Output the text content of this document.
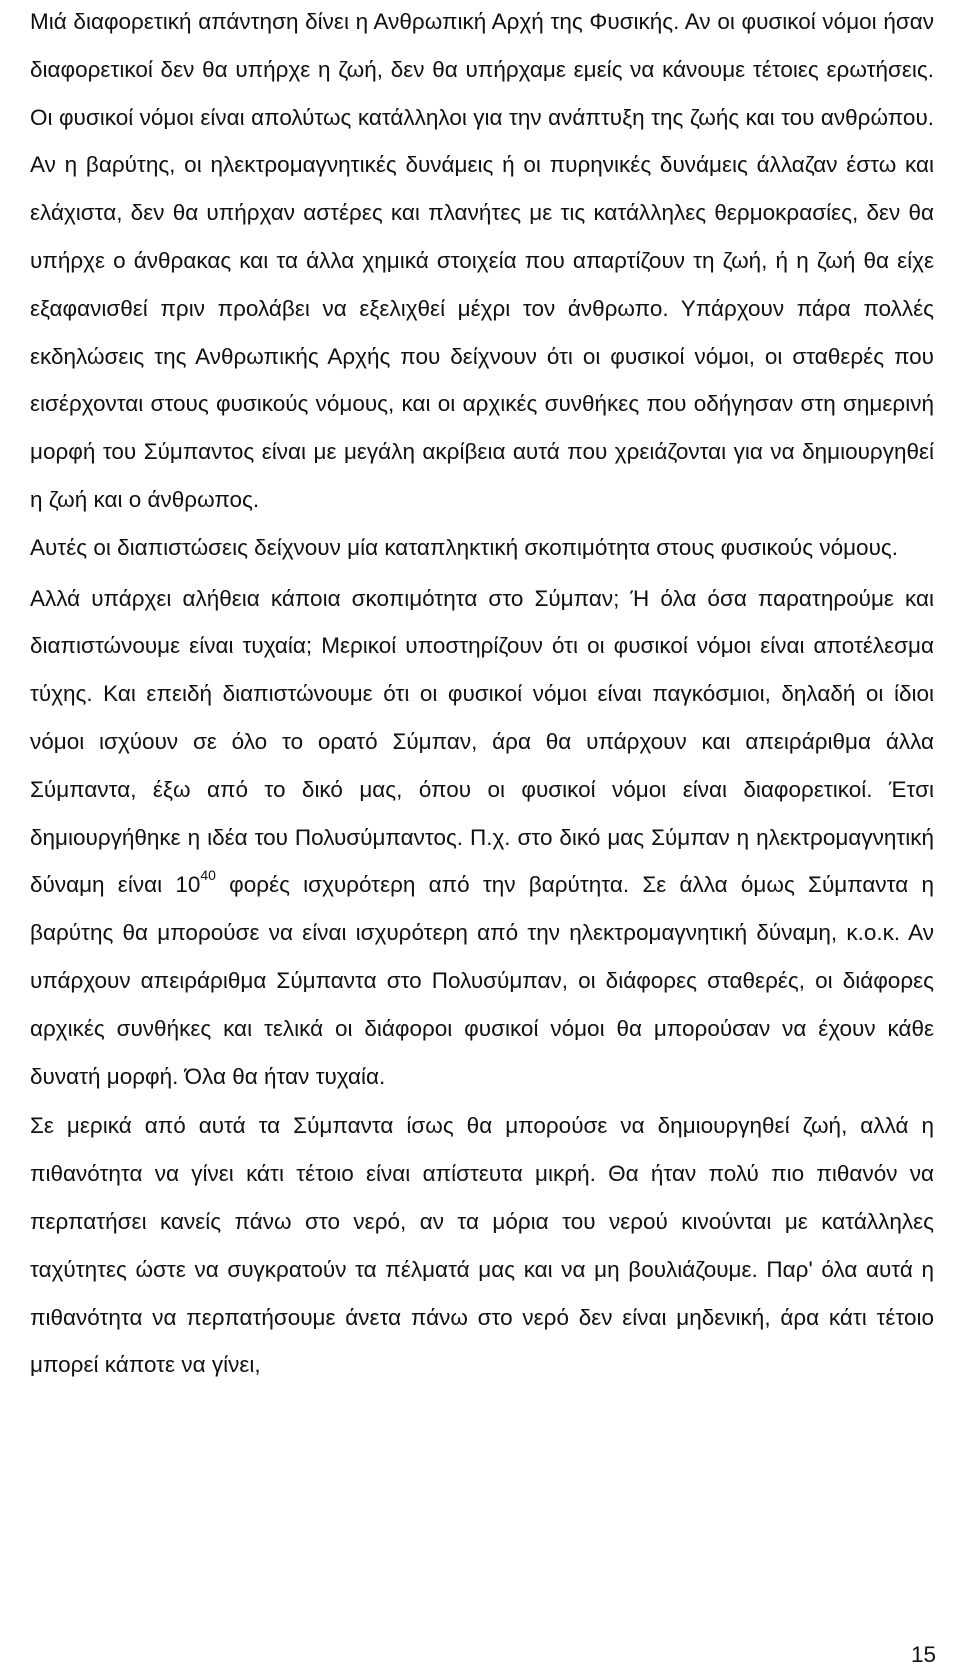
Μιά διαφορετική απάντηση δίνει η Ανθρωπική Αρχή της Φυσικής. Αν οι φυσικοί νόμοι ήσαν διαφορετικοί δεν θα υπήρχε η ζωή, δεν θα υπήρχαμε εμείς να κάνουμε τέτοιες ερωτήσεις. Οι φυσικοί νόμοι είναι απολύτως κατάλληλοι για την ανάπτυξη της ζωής και του ανθρώπου. Αν η βαρύτης, οι ηλεκτρομαγνητικές δυνάμεις ή οι πυρηνικές δυνάμεις άλλαζαν έστω και ελάχιστα, δεν θα υπήρχαν αστέρες και πλανήτες με τις κατάλληλες θερμοκρασίες, δεν θα υπήρχε ο άνθρακας και τα άλλα χημικά στοιχεία που απαρτίζουν τη ζωή, ή η ζωή θα είχε εξαφανισθεί πριν προλάβει να εξελιχθεί μέχρι τον άνθρωπο. Υπάρχουν πάρα πολλές εκδηλώσεις της Ανθρωπικής Αρχής που δείχνουν ότι οι φυσικοί νόμοι, οι σταθερές που εισέρχονται στους φυσικούς νόμους, και οι αρχικές συνθήκες που οδήγησαν στη σημερινή μορφή του Σύμπαντος είναι με μεγάλη ακρίβεια αυτά που χρειάζονται για να δημιουργηθεί η ζωή και ο άνθρωπος.

Αυτές οι διαπιστώσεις δείχνουν μία καταπληκτική σκοπιμότητα στους φυσικούς νόμους.

Αλλά υπάρχει αλήθεια κάποια σκοπιμότητα στο Σύμπαν; Ή όλα όσα παρατηρούμε και διαπιστώνουμε είναι τυχαία; Μερικοί υποστηρίζουν ότι οι φυσικοί νόμοι είναι αποτέλεσμα τύχης. Και επειδή διαπιστώνουμε ότι οι φυσικοί νόμοι είναι παγκόσμιοι, δηλαδή οι ίδιοι νόμοι ισχύουν σε όλο το ορατό Σύμπαν, άρα θα υπάρχουν και απειράριθμα άλλα Σύμπαντα, έξω από το δικό μας, όπου οι φυσικοί νόμοι είναι διαφορετικοί. Έτσι δημιουργήθηκε η ιδέα του Πολυσύμπαντος. Π.χ. στο δικό μας Σύμπαν η ηλεκτρομαγνητική δύναμη είναι $10^{40}$ φορές ισχυρότερη από την βαρύτητα. Σε άλλα όμως Σύμπαντα η βαρύτης θα μπορούσε να είναι ισχυρότερη από την ηλεκτρομαγνητική δύναμη, κ.ο.κ. Αν υπάρχουν απειράριθμα Σύμπαντα στο Πολυσύμπαν, οι διάφορες σταθερές, οι διάφορες αρχικές συνθήκες και τελικά οι διάφοροι φυσικοί νόμοι θα μπορούσαν να έχουν κάθε δυνατή μορφή. Όλα θα ήταν τυχαία.

Σε μερικά από αυτά τα Σύμπαντα ίσως θα μπορούσε να δημιουργηθεί ζωή, αλλά η πιθανότητα να γίνει κάτι τέτοιο είναι απίστευτα μικρή. Θα ήταν πολύ πιο πιθανόν να περπατήσει κανείς πάνω στο νερό, αν τα μόρια του νερού κινούνται με κατάλληλες ταχύτητες ώστε να συγκρατούν τα πέλματά μας και να μη βουλιάζουμε. Παρ' όλα αυτά η πιθανότητα να περπατήσουμε άνετα πάνω στο νερό δεν είναι μηδενική, άρα κάτι τέτοιο μπορεί κάποτε να γίνει,

15
